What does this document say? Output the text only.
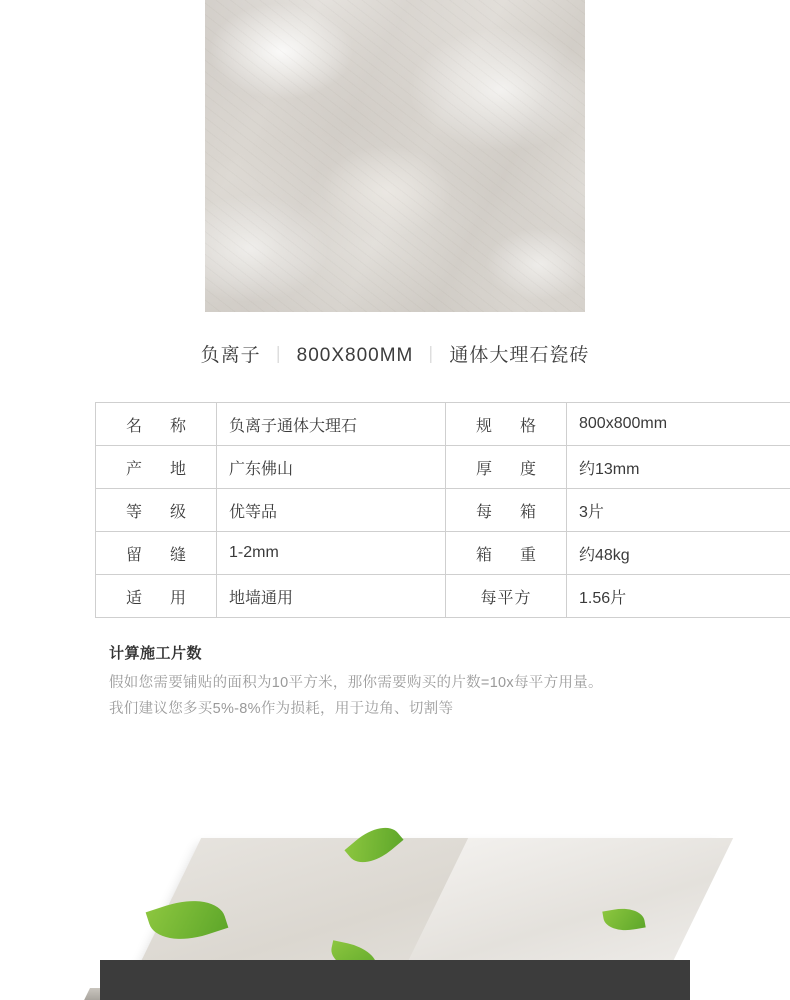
负离子 ｜ 800X800MM ｜ 通体大理石瓷砖
名　称	负离子通体大理石	规　格	800x800mm
产　地	广东佛山	厚　度	约13mm
等　级	优等品	每　箱	3片
留　缝	1-2mm	箱　重	约48kg
适　用	地墙通用	每平方	1.56片
计算施工片数

假如您需要铺贴的面积为10平方米，那你需要购买的片数=10x每平方用量。

我们建议您多买5%-8%作为损耗，用于边角、切割等
